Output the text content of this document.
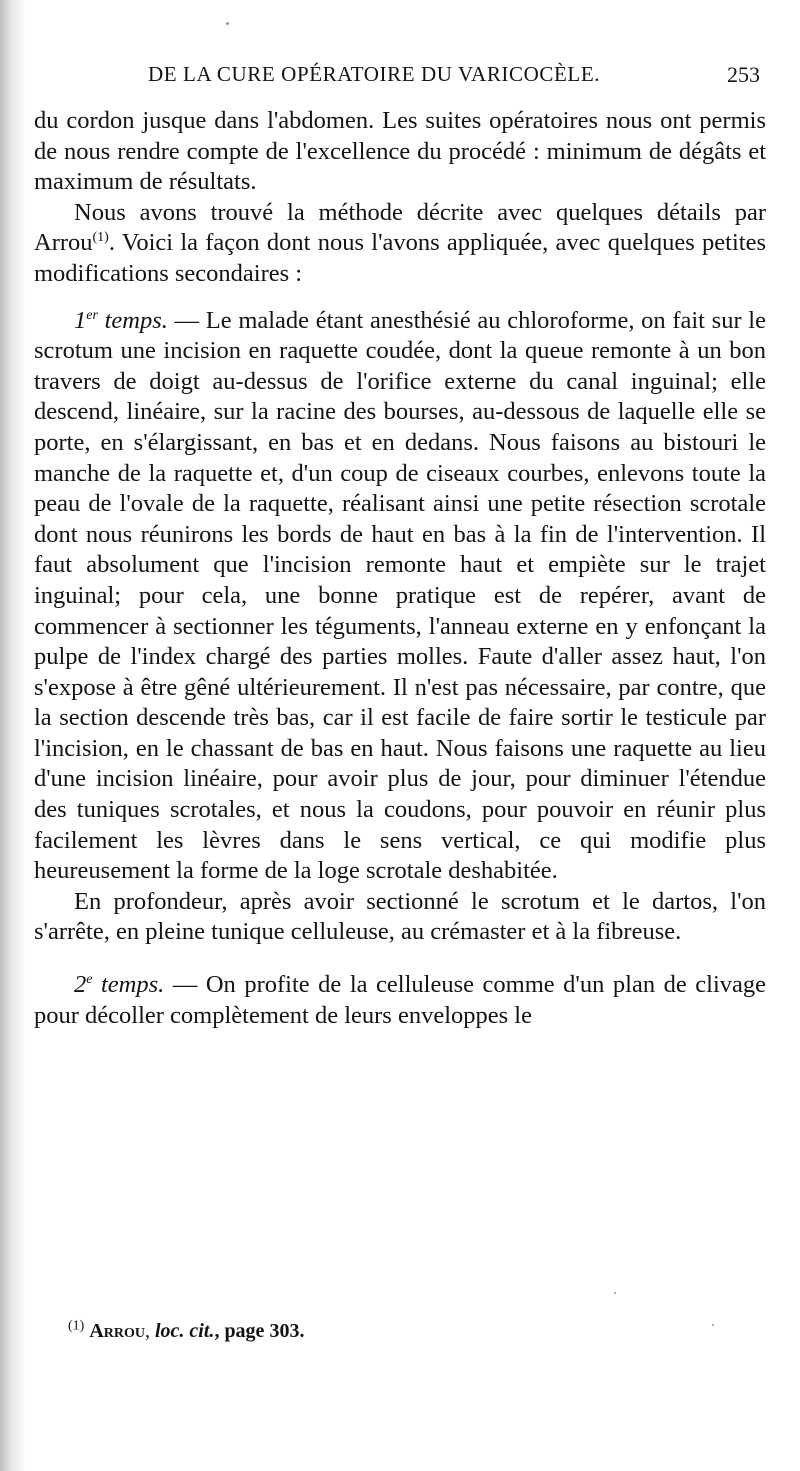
DE LA CURE OPÉRATOIRE DU VARICOCÈLE.	253

du cordon jusque dans l'abdomen. Les suites opératoires nous ont permis de nous rendre compte de l'excellence du procédé : minimum de dégâts et maximum de résultats.

Nous avons trouvé la méthode décrite avec quelques détails par Arrou$^{(1)}$. Voici la façon dont nous l'avons appliquée, avec quelques petites modifications secondaires :

1er temps. — Le malade étant anesthésié au chloroforme, on fait sur le scrotum une incision en raquette coudée, dont la queue remonte à un bon travers de doigt au-dessus de l'orifice externe du canal inguinal; elle descend, linéaire, sur la racine des bourses, au-dessous de laquelle elle se porte, en s'élargissant, en bas et en dedans. Nous faisons au bistouri le manche de la raquette et, d'un coup de ciseaux courbes, enlevons toute la peau de l'ovale de la raquette, réalisant ainsi une petite résection scrotale dont nous réunirons les bords de haut en bas à la fin de l'intervention. Il faut absolument que l'incision remonte haut et empiète sur le trajet inguinal; pour cela, une bonne pratique est de repérer, avant de commencer à sectionner les téguments, l'anneau externe en y enfonçant la pulpe de l'index chargé des parties molles. Faute d'aller assez haut, l'on s'expose à être gêné ultérieurement. Il n'est pas nécessaire, par contre, que la section descende très bas, car il est facile de faire sortir le testicule par l'incision, en le chassant de bas en haut. Nous faisons une raquette au lieu d'une incision linéaire, pour avoir plus de jour, pour diminuer l'étendue des tuniques scrotales, et nous la coudons, pour pouvoir en réunir plus facilement les lèvres dans le sens vertical, ce qui modifie plus heureusement la forme de la loge scrotale deshabitée.

En profondeur, après avoir sectionné le scrotum et le dartos, l'on s'arrête, en pleine tunique celluleuse, au crémaster et à la fibreuse.

2e temps. — On profite de la celluleuse comme d'un plan de clivage pour décoller complètement de leurs enveloppes le

$^{(1)}$ Arrou, loc. cit., page 303.
